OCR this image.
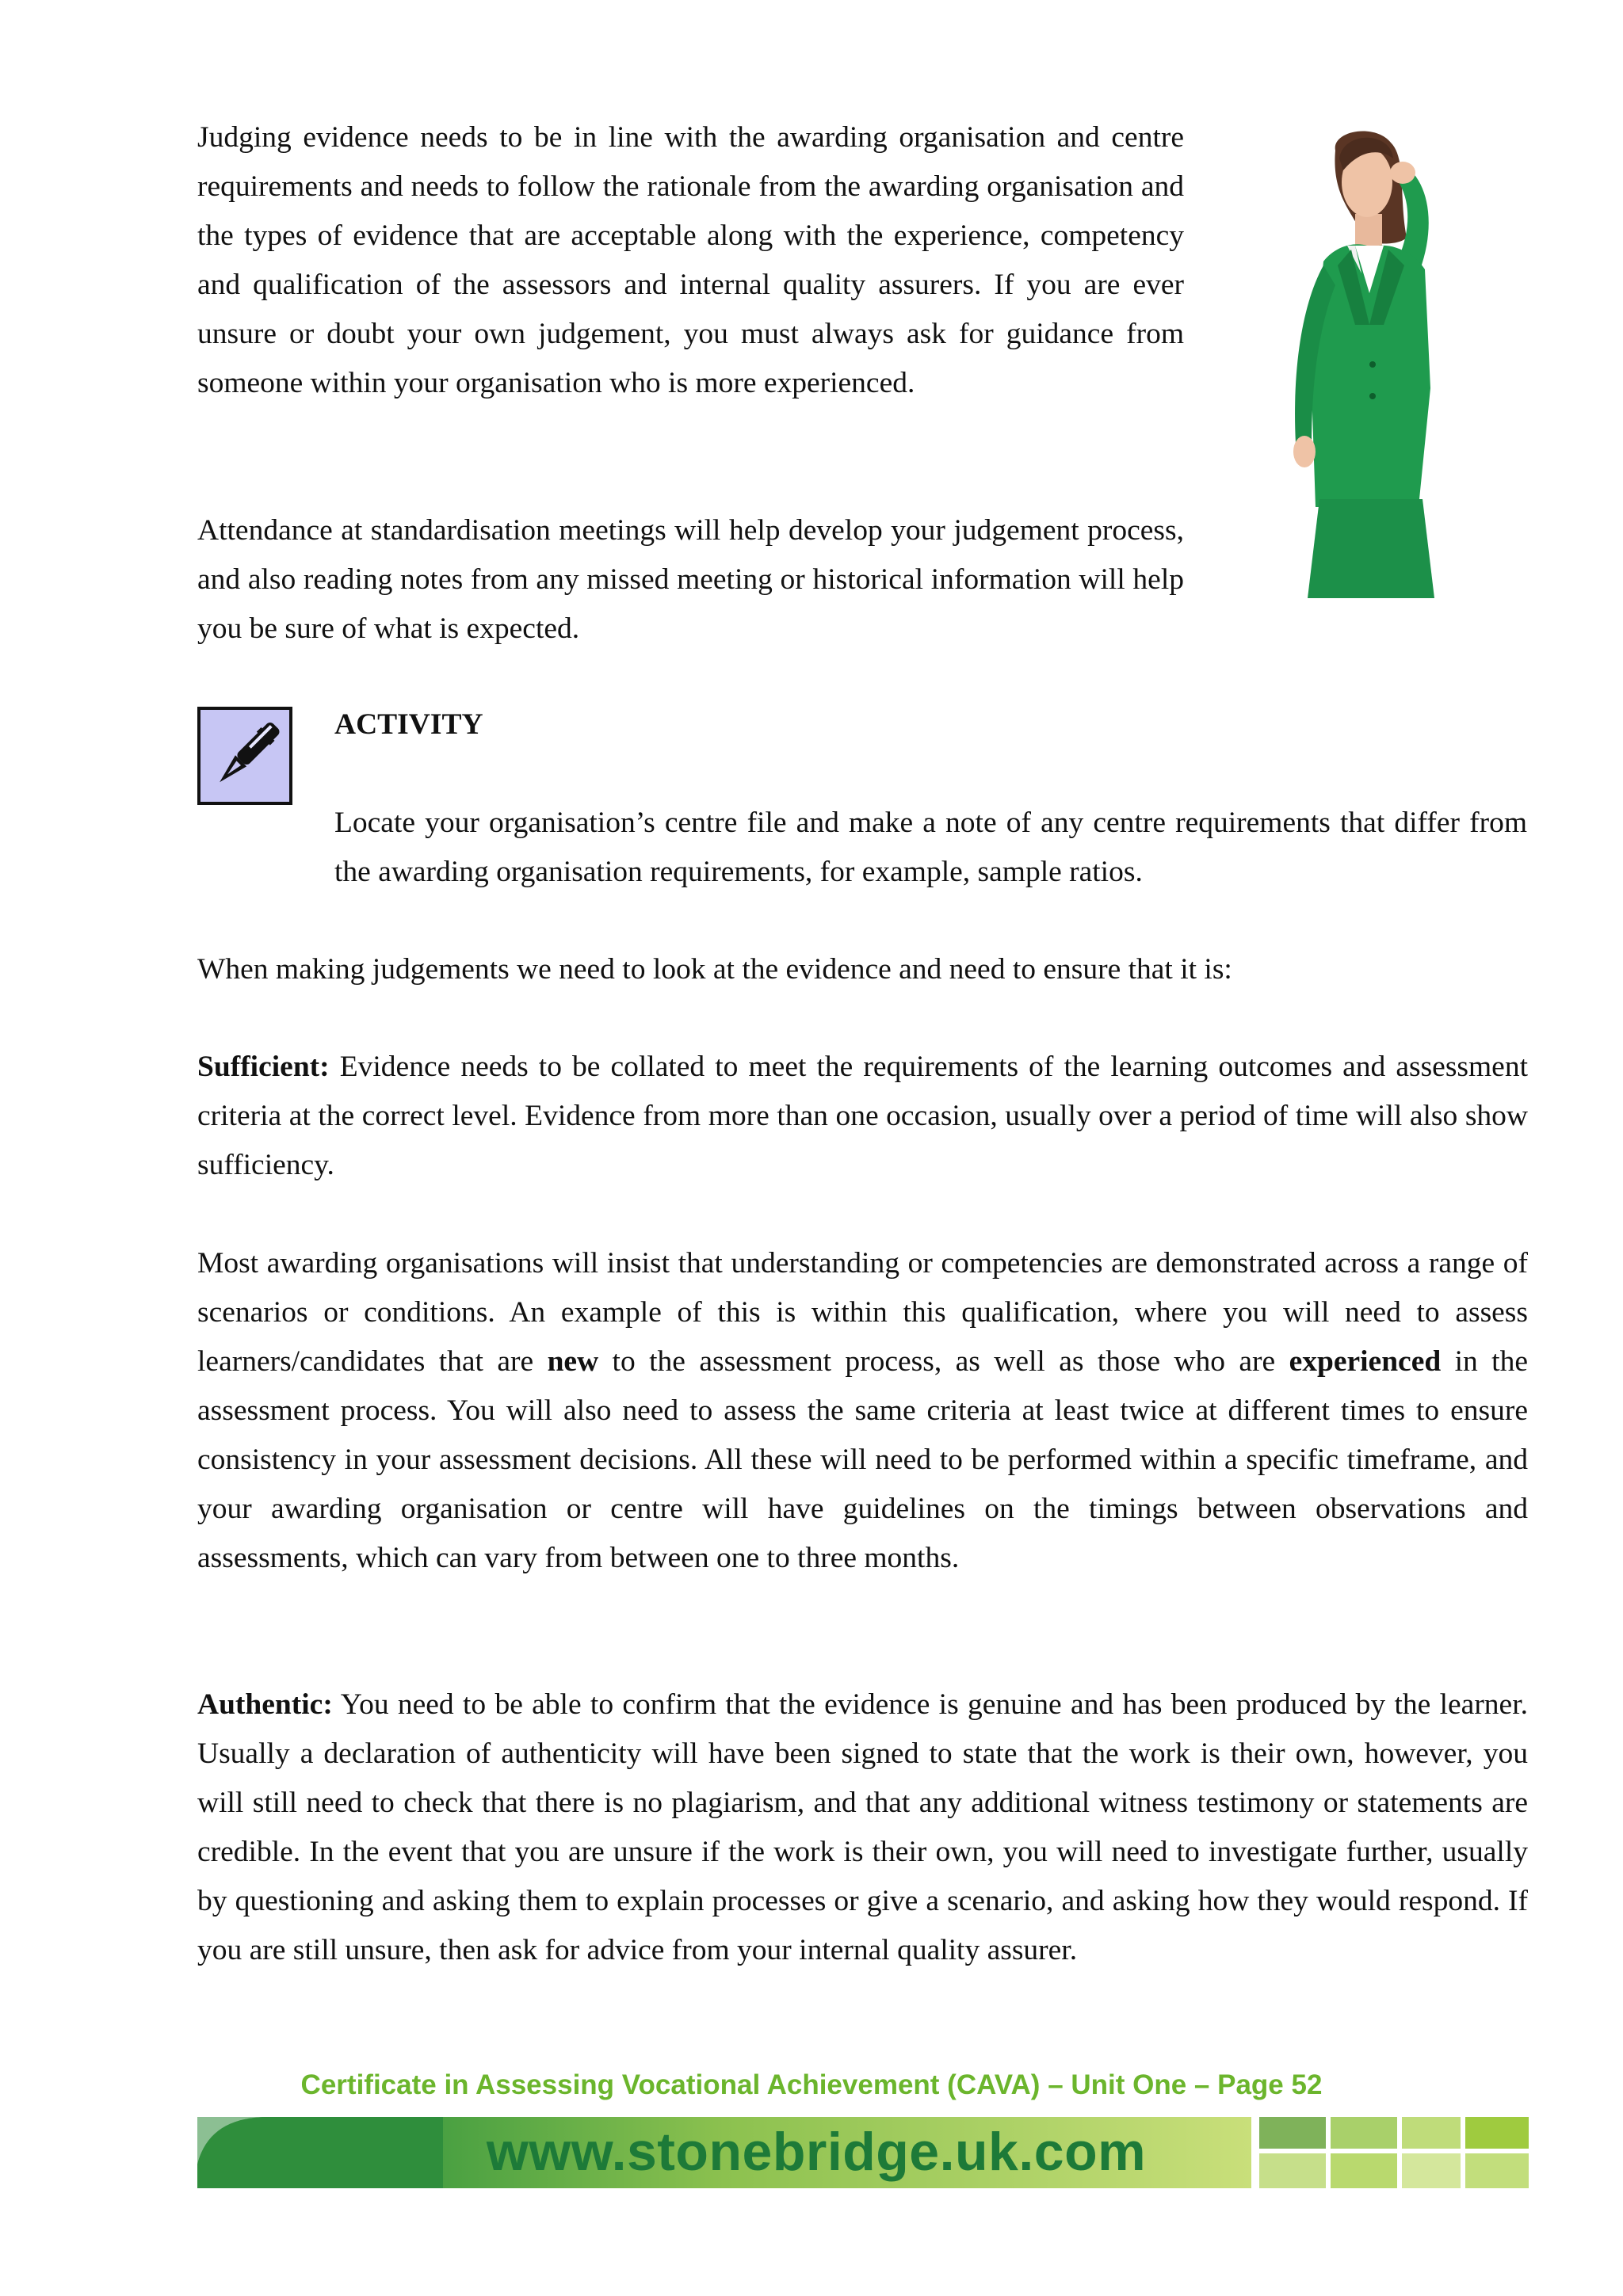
Judging evidence needs to be in line with the awarding organisation and centre requirements and needs to follow the rationale from the awarding organisation and the types of evidence that are acceptable along with the experience, competency and qualification of the assessors and internal quality assurers. If you are ever unsure or doubt your own judgement, you must always ask for guidance from someone within your organisation who is more experienced.

Attendance at standardisation meetings will help develop your judgement process, and also reading notes from any missed meeting or historical information will help you be sure of what is expected.

ACTIVITY

Locate your organisation’s centre file and make a note of any centre requirements that differ from the awarding organisation requirements, for example, sample ratios.

When making judgements we need to look at the evidence and need to ensure that it is:

Sufficient: Evidence needs to be collated to meet the requirements of the learning outcomes and assessment criteria at the correct level. Evidence from more than one occasion, usually over a period of time will also show sufficiency.

Most awarding organisations will insist that understanding or competencies are demonstrated across a range of scenarios or conditions. An example of this is within this qualification, where you will need to assess learners/candidates that are new to the assessment process, as well as those who are experienced in the assessment process. You will also need to assess the same criteria at least twice at different times to ensure consistency in your assessment decisions. All these will need to be performed within a specific timeframe, and your awarding organisation or centre will have guidelines on the timings between observations and assessments, which can vary from between one to three months.

Authentic: You need to be able to confirm that the evidence is genuine and has been produced by the learner. Usually a declaration of authenticity will have been signed to state that the work is their own, however, you will still need to check that there is no plagiarism, and that any additional witness testimony or statements are credible. In the event that you are unsure if the work is their own, you will need to investigate further, usually by questioning and asking them to explain processes or give a scenario, and asking how they would respond. If you are still unsure, then ask for advice from your internal quality assurer.

Certificate in Assessing Vocational Achievement (CAVA) – Unit One – Page 52
www.stonebridge.uk.com
